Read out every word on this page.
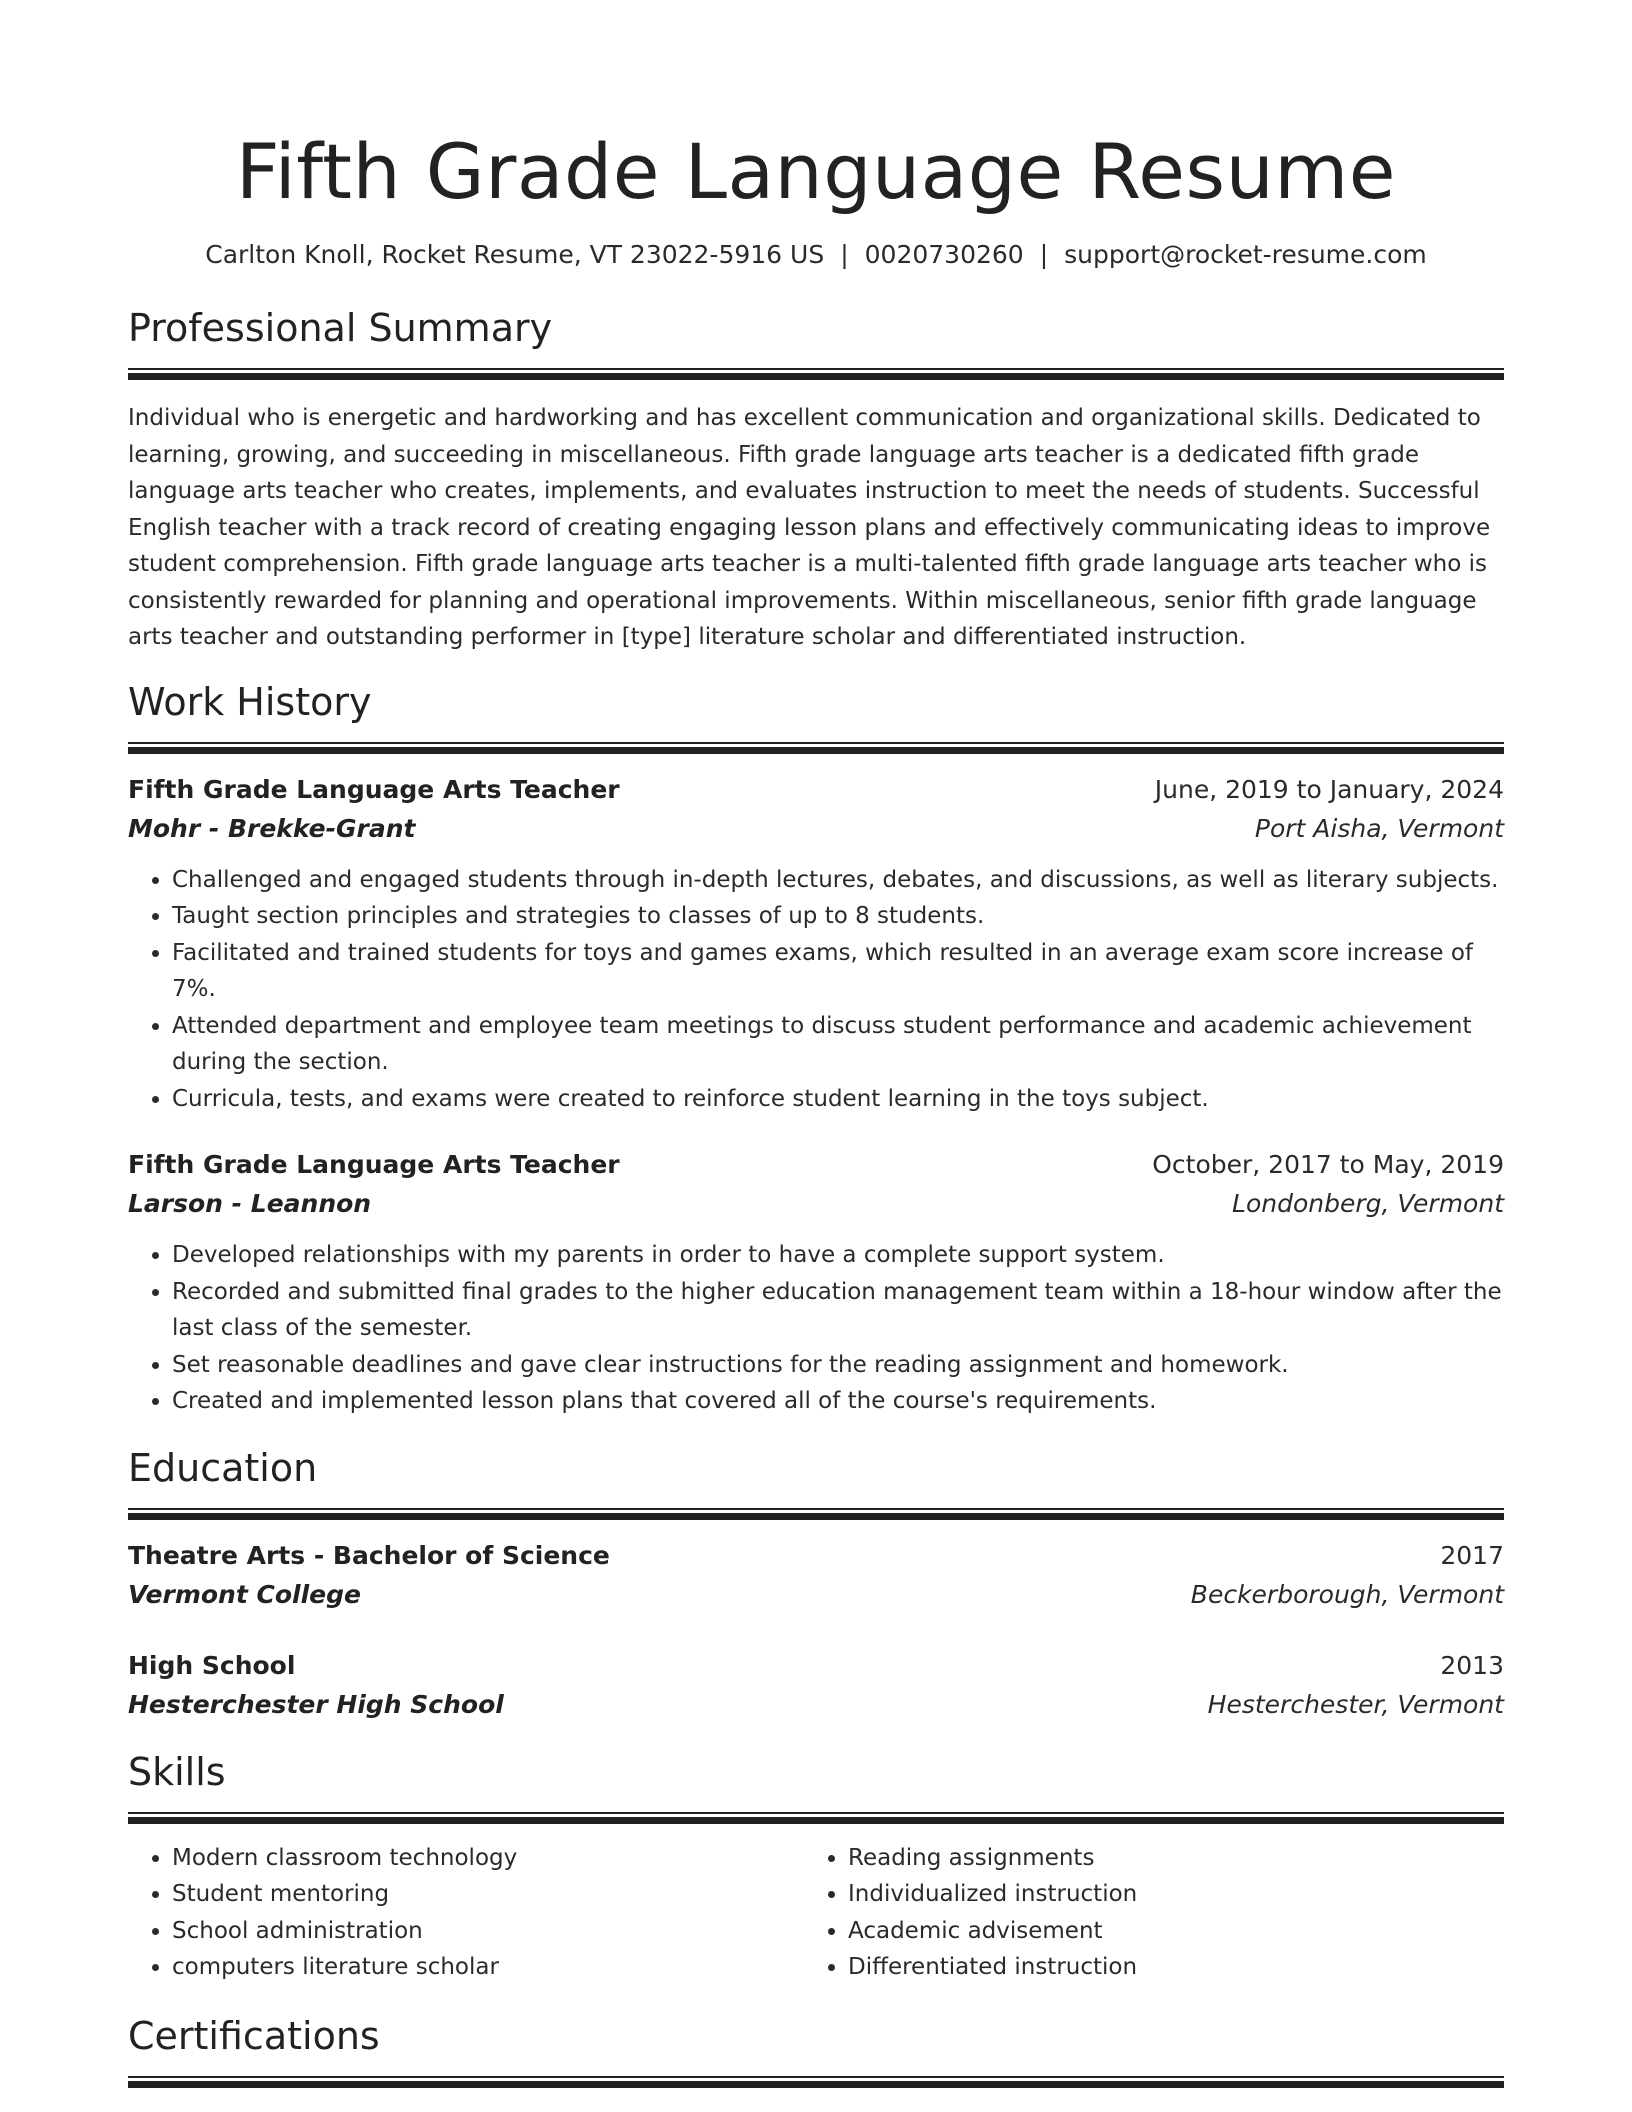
Fifth Grade Language Resume
Carlton Knoll, Rocket Resume, VT 23022-5916 US | 0020730260 | support@rocket-resume.com
Professional Summary
Individual who is energetic and hardworking and has excellent communication and organizational skills. Dedicated to learning, growing, and succeeding in miscellaneous. Fifth grade language arts teacher is a dedicated fifth grade language arts teacher who creates, implements, and evaluates instruction to meet the needs of students. Successful English teacher with a track record of creating engaging lesson plans and effectively communicating ideas to improve student comprehension. Fifth grade language arts teacher is a multi-talented fifth grade language arts teacher who is consistently rewarded for planning and operational improvements. Within miscellaneous, senior fifth grade language arts teacher and outstanding performer in [type] literature scholar and differentiated instruction.
Work History
Fifth Grade Language Arts Teacher	June, 2019 to January, 2024
Mohr - Brekke-Grant	Port Aisha, Vermont
• Challenged and engaged students through in-depth lectures, debates, and discussions, as well as literary subjects.
• Taught section principles and strategies to classes of up to 8 students.
• Facilitated and trained students for toys and games exams, which resulted in an average exam score increase of 7%.
• Attended department and employee team meetings to discuss student performance and academic achievement during the section.
• Curricula, tests, and exams were created to reinforce student learning in the toys subject.
Fifth Grade Language Arts Teacher	October, 2017 to May, 2019
Larson - Leannon	Londonberg, Vermont
• Developed relationships with my parents in order to have a complete support system.
• Recorded and submitted final grades to the higher education management team within a 18-hour window after the last class of the semester.
• Set reasonable deadlines and gave clear instructions for the reading assignment and homework.
• Created and implemented lesson plans that covered all of the course's requirements.
Education
Theatre Arts - Bachelor of Science	2017
Vermont College	Beckerborough, Vermont
High School	2013
Hesterchester High School	Hesterchester, Vermont
Skills
• Modern classroom technology
• Student mentoring
• School administration
• computers literature scholar
• Reading assignments
• Individualized instruction
• Academic advisement
• Differentiated instruction
Certifications
